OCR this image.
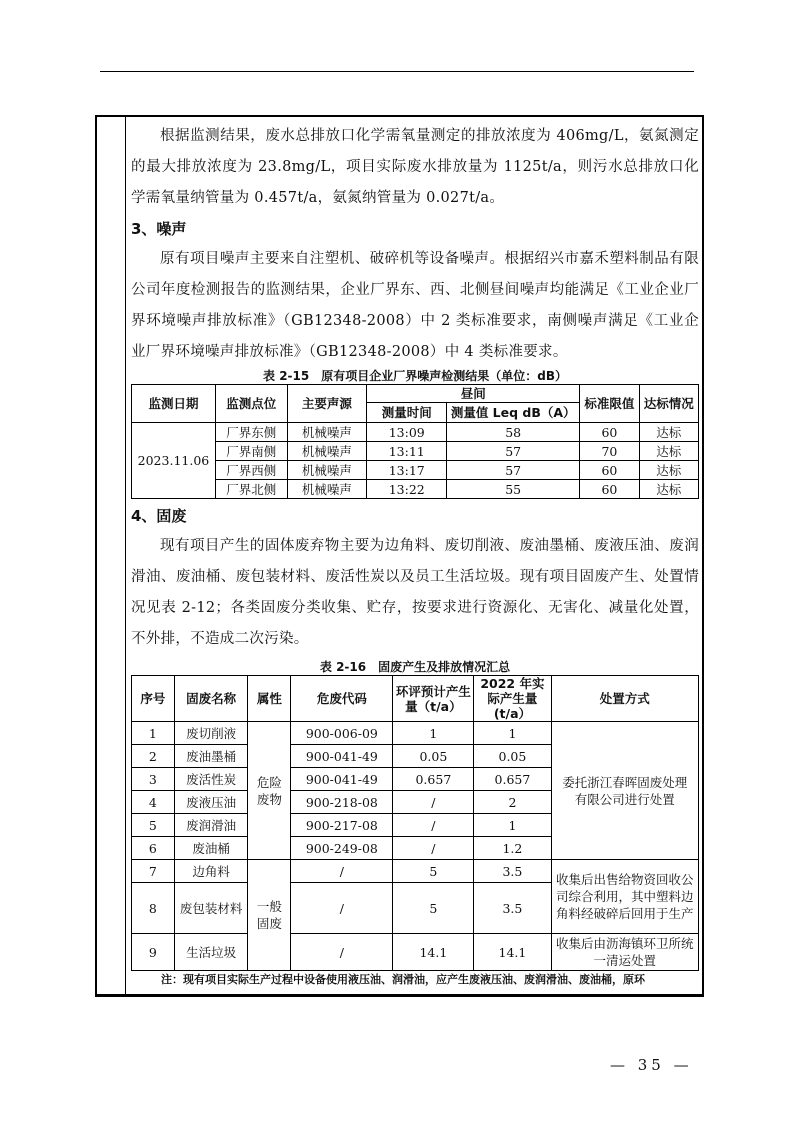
根据监测结果，废水总排放口化学需氧量测定的排放浓度为 406mg/L，氨氮测定的最大排放浓度为 23.8mg/L，项目实际废水排放量为 1125t/a，则污水总排放口化学需氧量纳管量为 0.457t/a，氨氮纳管量为 0.027t/a。

3、噪声

原有项目噪声主要来自注塑机、破碎机等设备噪声。根据绍兴市嘉禾塑料制品有限公司年度检测报告的监测结果，企业厂界东、西、北侧昼间噪声均能满足《工业企业厂界环境噪声排放标准》（GB12348-2008）中 2 类标准要求，南侧噪声满足《工业企业厂界环境噪声排放标准》（GB12348-2008）中 4 类标准要求。

表 2-15　原有项目企业厂界噪声检测结果（单位：dB）

监测日期	监测点位	主要声源	昼间		标准限值	达标情况
			测量时间	测量值 Leq dB（A）		
2023.11.06	厂界东侧	机械噪声	13:09	58	60	达标
	厂界南侧	机械噪声	13:11	57	70	达标
	厂界西侧	机械噪声	13:17	57	60	达标
	厂界北侧	机械噪声	13:22	55	60	达标

4、固废

现有项目产生的固体废弃物主要为边角料、废切削液、废油墨桶、废液压油、废润滑油、废油桶、废包装材料、废活性炭以及员工生活垃圾。现有项目固废产生、处置情况见表 2-12；各类固废分类收集、贮存，按要求进行资源化、无害化、减量化处置，不外排，不造成二次污染。

表 2-16　固废产生及排放情况汇总

序号	固废名称	属性	危废代码	环评预计产生量（t/a）	2022 年实际产生量(t/a）	处置方式
1	废切削液	危险废物	900-006-09	1	1	委托浙江春晖固废处理有限公司进行处置
2	废油墨桶		900-041-49	0.05	0.05	
3	废活性炭		900-041-49	0.657	0.657	
4	废液压油		900-218-08	/	2	
5	废润滑油		900-217-08	/	1	
6	废油桶		900-249-08	/	1.2	
7	边角料	一般固废	/	5	3.5	收集后出售给物资回收公司综合利用，其中塑料边角料经破碎后回用于生产
8	废包装材料		/	5	3.5	
9	生活垃圾		/	14.1	14.1	收集后由沥海镇环卫所统一清运处置

注：现有项目实际生产过程中设备使用液压油、润滑油，应产生废液压油、废润滑油、废油桶，原环

— 35 —
